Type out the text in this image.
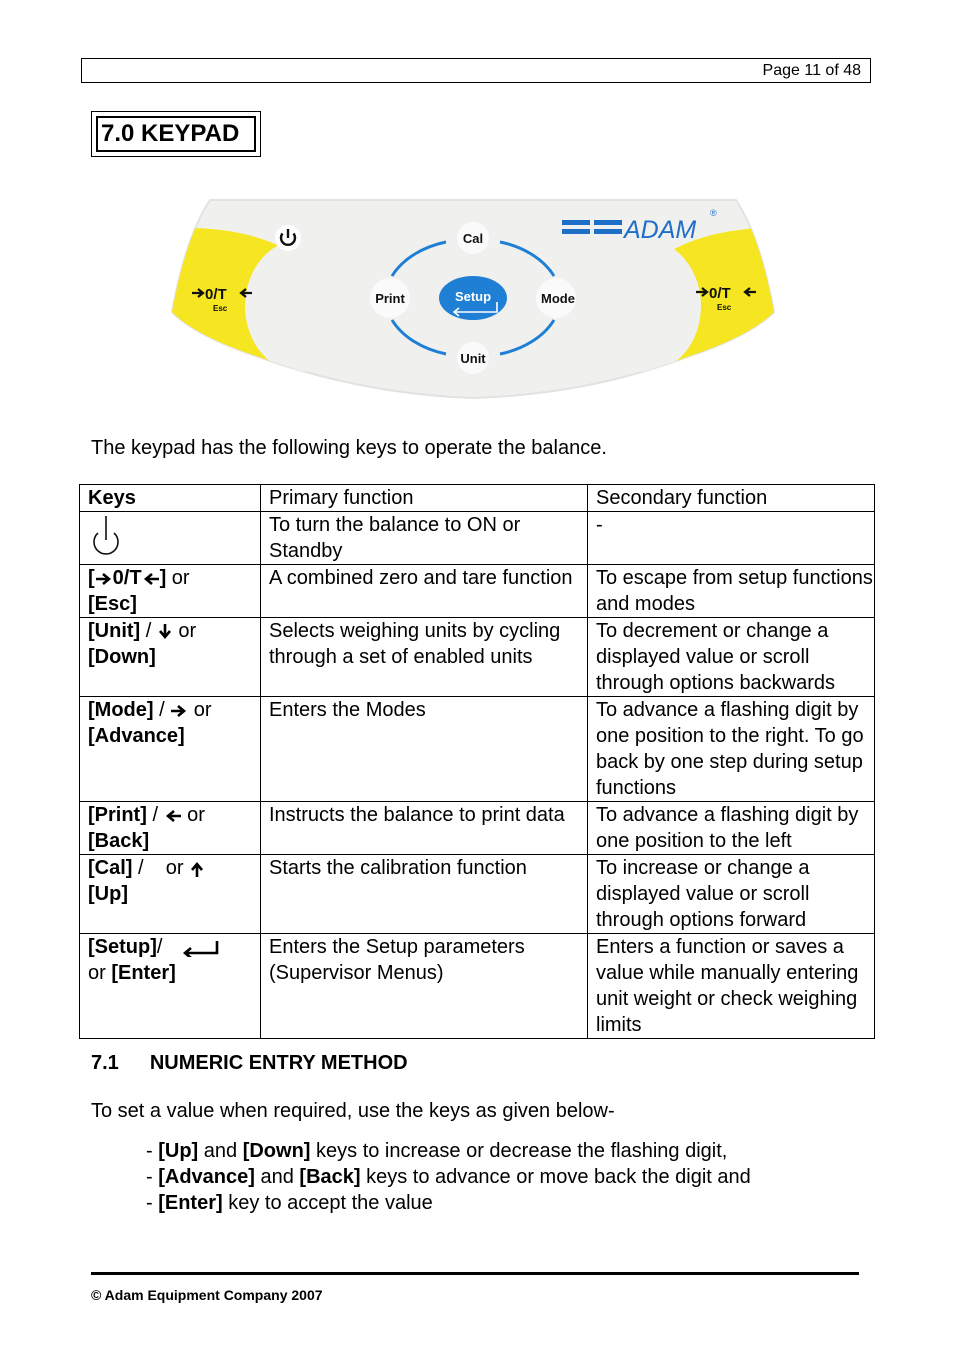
Page 11 of 48
7.0 KEYPAD
Cal
Unit
Print	Mode
Setup
0/T
Esc
0/T
Esc
ADAM
®
The keypad has the following keys to operate the balance.
Keys	Primary function	Secondary function

	To turn the balance to ON or Standby	-
[ 0/T ] or
[Esc]	A combined zero and tare function	To escape from setup functions and modes
[Unit] /  or
[Down]	Selects weighing units by cycling through a set of enabled units	To decrement or change a displayed value or scroll through options backwards
[Mode] /  or
[Advance]	Enters the Modes	To advance a flashing digit by one position to the right. To go back by one step during setup functions
[Print] /  or
[Back]	Instructs the balance to print data	To advance a flashing digit by one position to the left
[Cal] /    or
[Up]	Starts the calibration function	To increase or change a displayed value or scroll through options forward
[Setup]/
or [Enter]	Enters the Setup parameters (Supervisor Menus)	Enters a function or saves a value while manually entering unit weight or check weighing limits
7.1 NUMERIC ENTRY METHOD
To set a value when required, use the keys as given below-
- [Up] and [Down] keys to increase or decrease the flashing digit,
- [Advance] and [Back] keys to advance or move back the digit and
- [Enter] key to accept the value
© Adam Equipment Company 2007
